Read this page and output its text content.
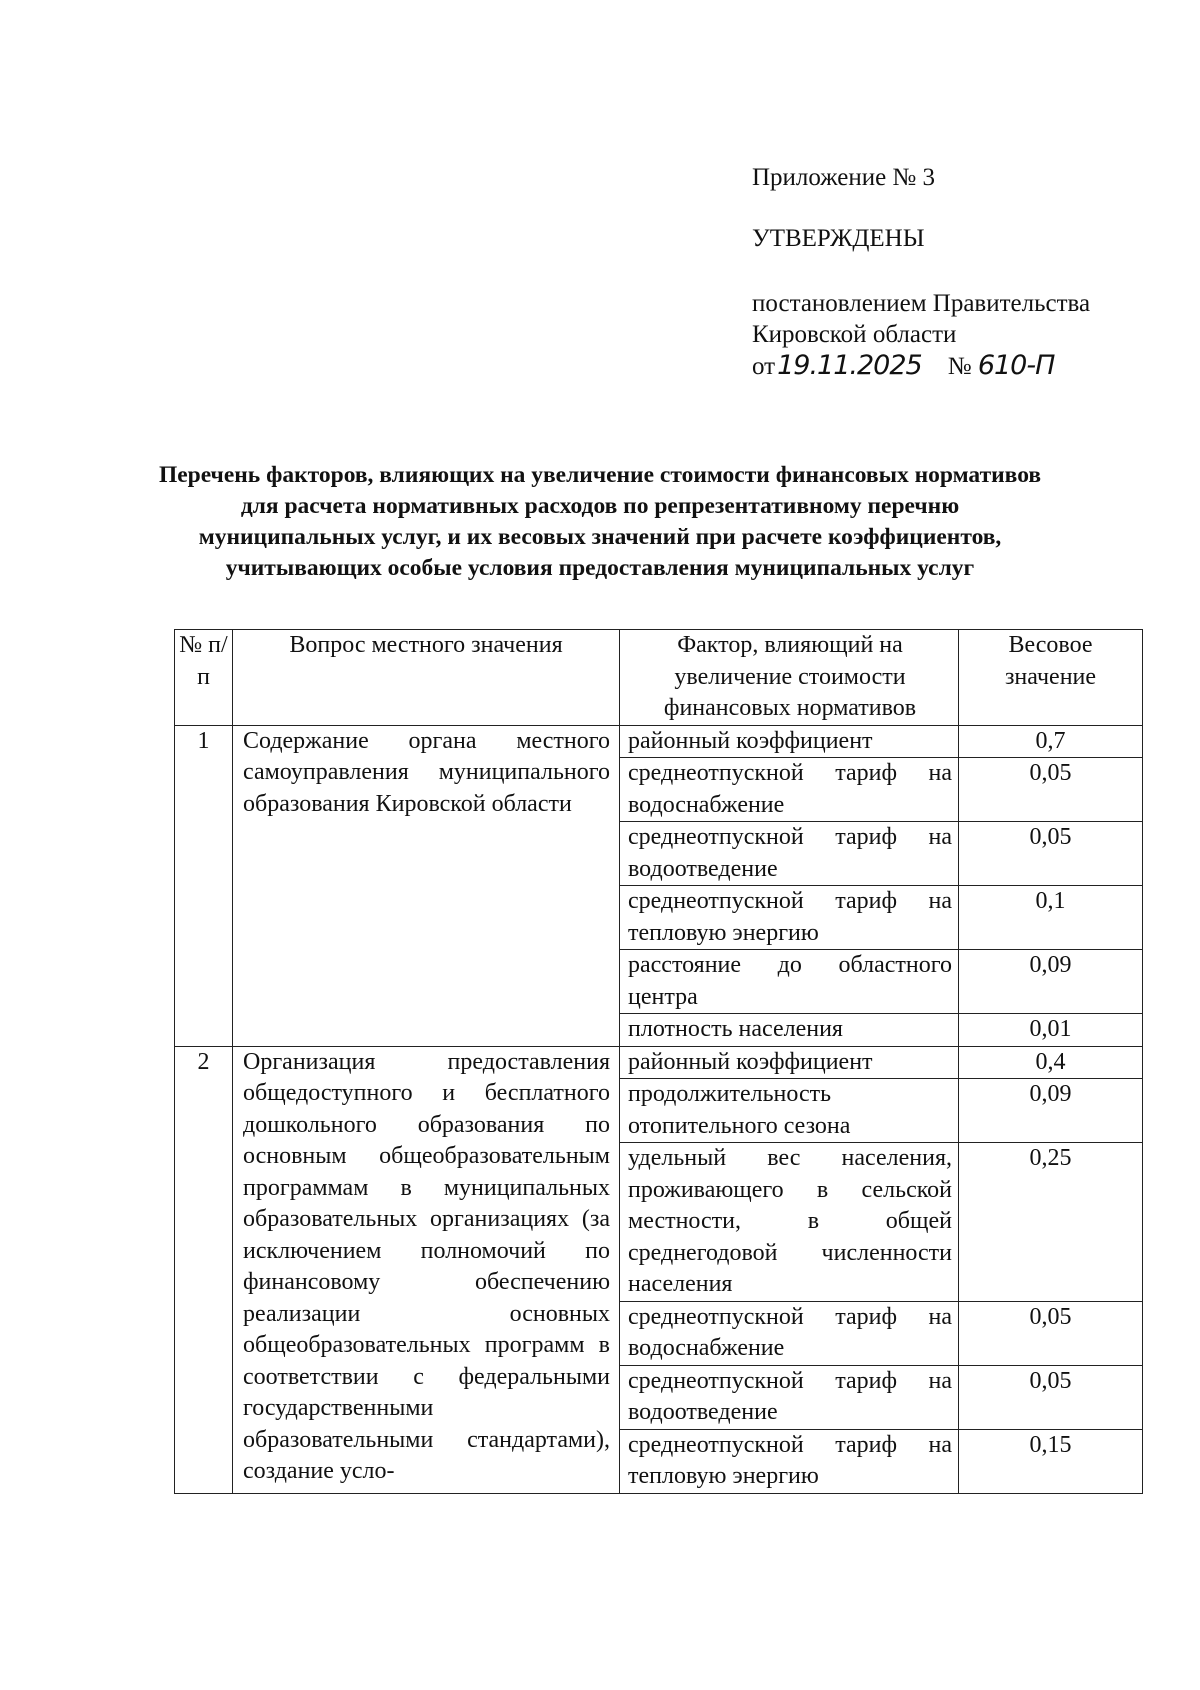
Приложение № 3
УТВЕРЖДЕНЫ
постановлением Правительства
Кировской области
от19.11.2025 № 610-П
Перечень факторов, влияющих на увеличение стоимости финансовых нормативов для расчета нормативных расходов по репрезентативному перечню муниципальных услуг, и их весовых значений при расчете коэффициентов, учитывающих особые условия предоставления муниципальных услуг
№ п/п	Вопрос местного значения	Фактор, влияющий на увеличение стоимости финансовых нормативов	Весовое значение
1	Содержание органа местного самоуправления муниципального образования Кировской области	районный коэффициент	0,7
		среднеотпускной тариф на водоснабжение	0,05
		среднеотпускной тариф на водоотведение	0,05
		среднеотпускной тариф на тепловую энергию	0,1
		расстояние до областного центра	0,09
		плотность населения	0,01
2	Организация предоставления общедоступного и бесплатного дошкольного образования по основным общеобразовательным программам в муниципальных образовательных организациях (за исключением полномочий по финансовому обеспечению реализации основных общеобразовательных программ в соответствии с федеральными государственными образовательными стандартами), создание усло-	районный коэффициент	0,4
		продолжительность отопительного сезона	0,09
		удельный вес населения, проживающего в сельской местности, в общей среднегодовой численности населения	0,25
		среднеотпускной тариф на водоснабжение	0,05
		среднеотпускной тариф на водоотведение	0,05
		среднеотпускной тариф на тепловую энергию	0,15
